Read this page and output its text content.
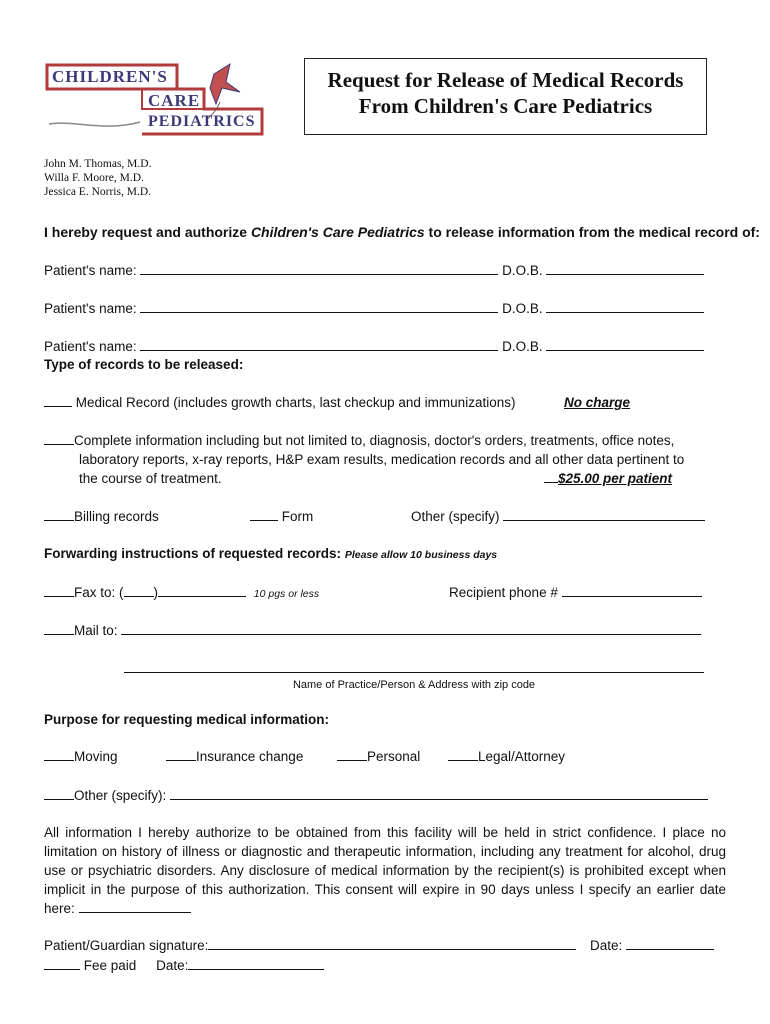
CHILDREN'S
CARE
PEDIATRICS
Request for Release of Medical Records
From Children's Care Pediatrics
John M. Thomas, M.D.
Willa F. Moore, M.D.
Jessica E. Norris, M.D.
I hereby request and authorize Children's Care Pediatrics to release information from the medical record of:
Patient's name:	D.O.B.
Patient's name:	D.O.B.
Patient's name:	D.O.B.
Type of records to be released:
Medical Record (includes growth charts, last checkup and immunizations)	No charge
Complete information including but not limited to, diagnosis, doctor's orders, treatments, office notes,
laboratory reports, x-ray reports, H&P exam results, medication records and all other data pertinent to
the course of treatment.	$25.00 per patient
Billing records	Form	Other (specify)
Forwarding instructions of requested records: Please allow 10 business days
Fax to: ( )	10 pgs or less	Recipient phone #
Mail to:
Name of Practice/Person & Address with zip code
Purpose for requesting medical information:
Moving	Insurance change	Personal	Legal/Attorney
Other (specify):
All information I hereby authorize to be obtained from this facility will be held in strict confidence. I place no limitation on history of illness or diagnostic and therapeutic information, including any treatment for alcohol, drug use or psychiatric disorders. Any disclosure of medical information by the recipient(s) is prohibited except when implicit in the purpose of this authorization. This consent will expire in 90 days unless I specify an earlier date here:
Patient/Guardian signature:	Date:
Fee paid Date:
